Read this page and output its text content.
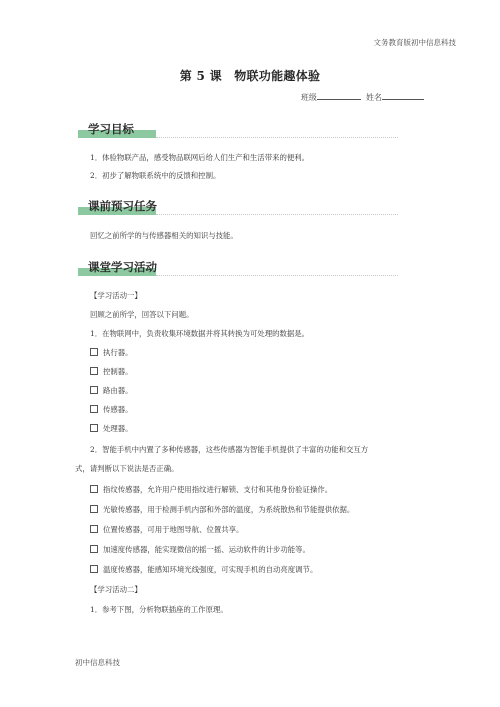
文务教育版初中信息科技
第 5 课　物联功能趣体验
班级	姓名
学习目标
1．体验物联产品，感受物品联网后给人们生产和生活带来的便利。
2．初步了解物联系统中的反馈和控制。
课前预习任务
回忆之前所学的与传感器相关的知识与技能。
课堂学习活动
【学习活动一】
回顾之前所学，回答以下问题。
1．在物联网中，负责收集环境数据并将其转换为可处理的数据是。
执行器。
控制器。
路由器。
传感器。
处理器。
2．智能手机中内置了多种传感器，这些传感器为智能手机提供了丰富的功能和交互方
式，请判断以下说法是否正确。
指纹传感器，允许用户使用指纹进行解锁、支付和其他身份验证操作。
光敏传感器，用于检测手机内部和外部的温度，为系统散热和节能提供依据。
位置传感器，可用于地图导航、位置共享。
加速度传感器，能实现微信的摇一摇、运动软件的计步功能等。
温度传感器，能感知环境光线强度，可实现手机的自动亮度调节。
【学习活动二】
1．参考下图，分析物联插座的工作原理。
初中信息科技
